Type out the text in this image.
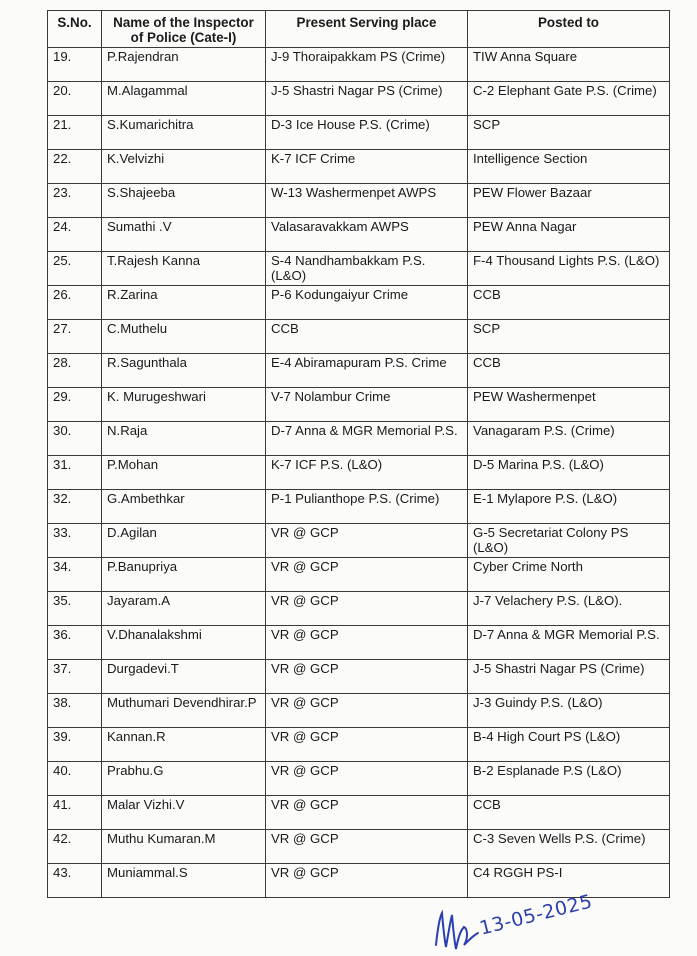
S.No.	Name of the Inspector of Police (Cate-I)	Present Serving place	Posted to
19.	P.Rajendran	J-9 Thoraipakkam PS (Crime)	TIW Anna Square
20.	M.Alagammal	J-5 Shastri Nagar PS (Crime)	C-2 Elephant Gate P.S. (Crime)
21.	S.Kumarichitra	D-3 Ice House P.S. (Crime)	SCP
22.	K.Velvizhi	K-7 ICF Crime	Intelligence Section
23.	S.Shajeeba	W-13 Washermenpet AWPS	PEW Flower Bazaar
24.	Sumathi .V	Valasaravakkam AWPS	PEW Anna Nagar
25.	T.Rajesh Kanna	S-4 Nandhambakkam P.S. (L&O)	F-4 Thousand Lights P.S. (L&O)
26.	R.Zarina	P-6 Kodungaiyur Crime	CCB
27.	C.Muthelu	CCB	SCP
28.	R.Sagunthala	E-4 Abiramapuram P.S. Crime	CCB
29.	K. Murugeshwari	V-7 Nolambur Crime	PEW Washermenpet
30.	N.Raja	D-7 Anna & MGR Memorial P.S.	Vanagaram P.S. (Crime)
31.	P.Mohan	K-7 ICF P.S. (L&O)	D-5 Marina P.S. (L&O)
32.	G.Ambethkar	P-1 Pulianthope P.S. (Crime)	E-1 Mylapore P.S. (L&O)
33.	D.Agilan	VR @ GCP	G-5 Secretariat Colony PS (L&O)
34.	P.Banupriya	VR @ GCP	Cyber Crime North
35.	Jayaram.A	VR @ GCP	J-7 Velachery P.S. (L&O).
36.	V.Dhanalakshmi	VR @ GCP	D-7 Anna & MGR Memorial P.S.
37.	Durgadevi.T	VR @ GCP	J-5 Shastri Nagar PS (Crime)
38.	Muthumari Devendhirar.P	VR @ GCP	J-3 Guindy P.S. (L&O)
39.	Kannan.R	VR @ GCP	B-4 High Court PS (L&O)
40.	Prabhu.G	VR @ GCP	B-2 Esplanade P.S (L&O)
41.	Malar Vizhi.V	VR @ GCP	CCB
42.	Muthu Kumaran.M	VR @ GCP	C-3 Seven Wells P.S. (Crime)
43.	Muniammal.S	VR @ GCP	C4 RGGH PS-I
13-05-2025
